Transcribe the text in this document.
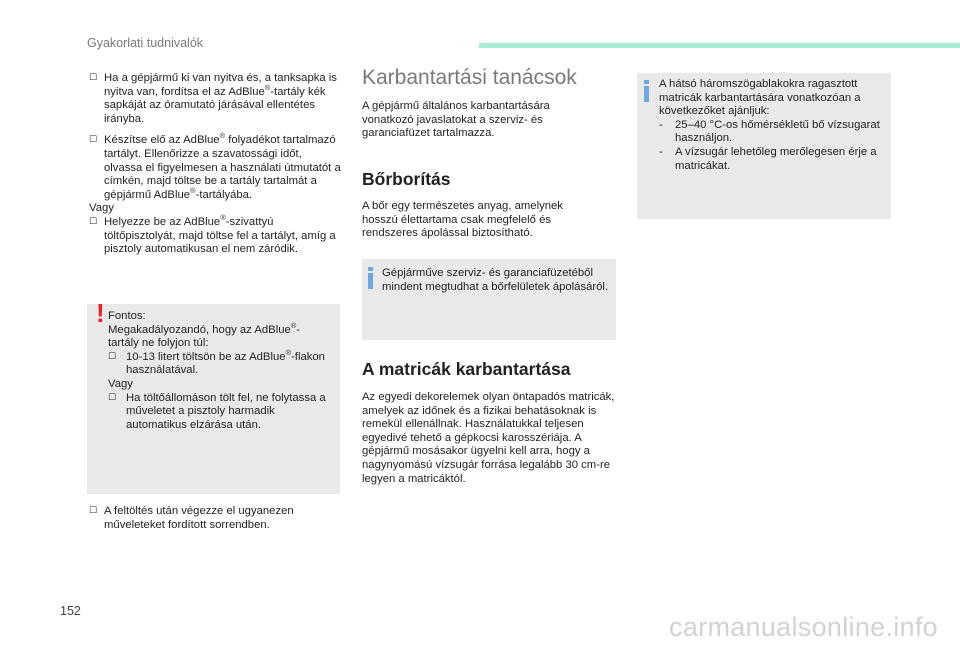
Gyakorlati tudnivalók
☐ Ha a gépjármű ki van nyitva és, a tanksapka is nyitva van, fordítsa el az AdBlue®-tartály kék sapkáját az óramutató járásával ellentétes irányba.
☐ Készítse elő az AdBlue® folyadékot tartalmazó tartályt. Ellenőrizze a szavatossági időt, olvassa el figyelmesen a használati útmutatót a címkén, majd töltse be a tartály tartalmát a gépjármű AdBlue®-tartályába.

Vagy

☐ Helyezze be az AdBlue®-szivattyú töltőpisztolyát, majd töltse fel a tartályt, amíg a pisztoly automatikusan el nem záródik.
! Fontos:

Megakadályozandó, hogy az AdBlue®-tartály ne folyjon túl:

☐ 10-13 litert töltsön be az AdBlue®-flakon használatával.

Vagy

☐ Ha töltőállomáson tölt fel, ne folytassa a műveletet a pisztoly harmadik automatikus elzárása után.
☐ A feltöltés után végezze el ugyanezen műveleteket fordított sorrendben.
Karbantartási tanácsok

A gépjármű általános karbantartására vonatkozó javaslatokat a szerviz- és garanciafüzet tartalmazza.

Bőrborítás

A bőr egy természetes anyag, amelynek hosszú élettartama csak megfelelő és rendszeres ápolással biztosítható.

Gépjárműve szerviz- és garanciafüzetéből mindent megtudhat a bőrfelületek ápolásáról.

A matricák karbantartása

Az egyedi dekorelemek olyan öntapadós matricák, amelyek az időnek és a fizikai behatásoknak is remekül ellenállnak. Használatukkal teljesen egyedivé tehető a gépkocsi karosszériája. A gépjármű mosásakor ügyelni kell arra, hogy a nagynyomású vízsugár forrása legalább 30 cm-re legyen a matricáktól.

A hátsó háromszögablakokra ragasztott matricák karbantartására vonatkozóan a következőket ajánljuk:

- 25–40 °C-os hőmérsékletű bő vízsugarat használjon.
- A vízsugár lehetőleg merőlegesen érje a matricákat.
152
carmanualsonline.info
